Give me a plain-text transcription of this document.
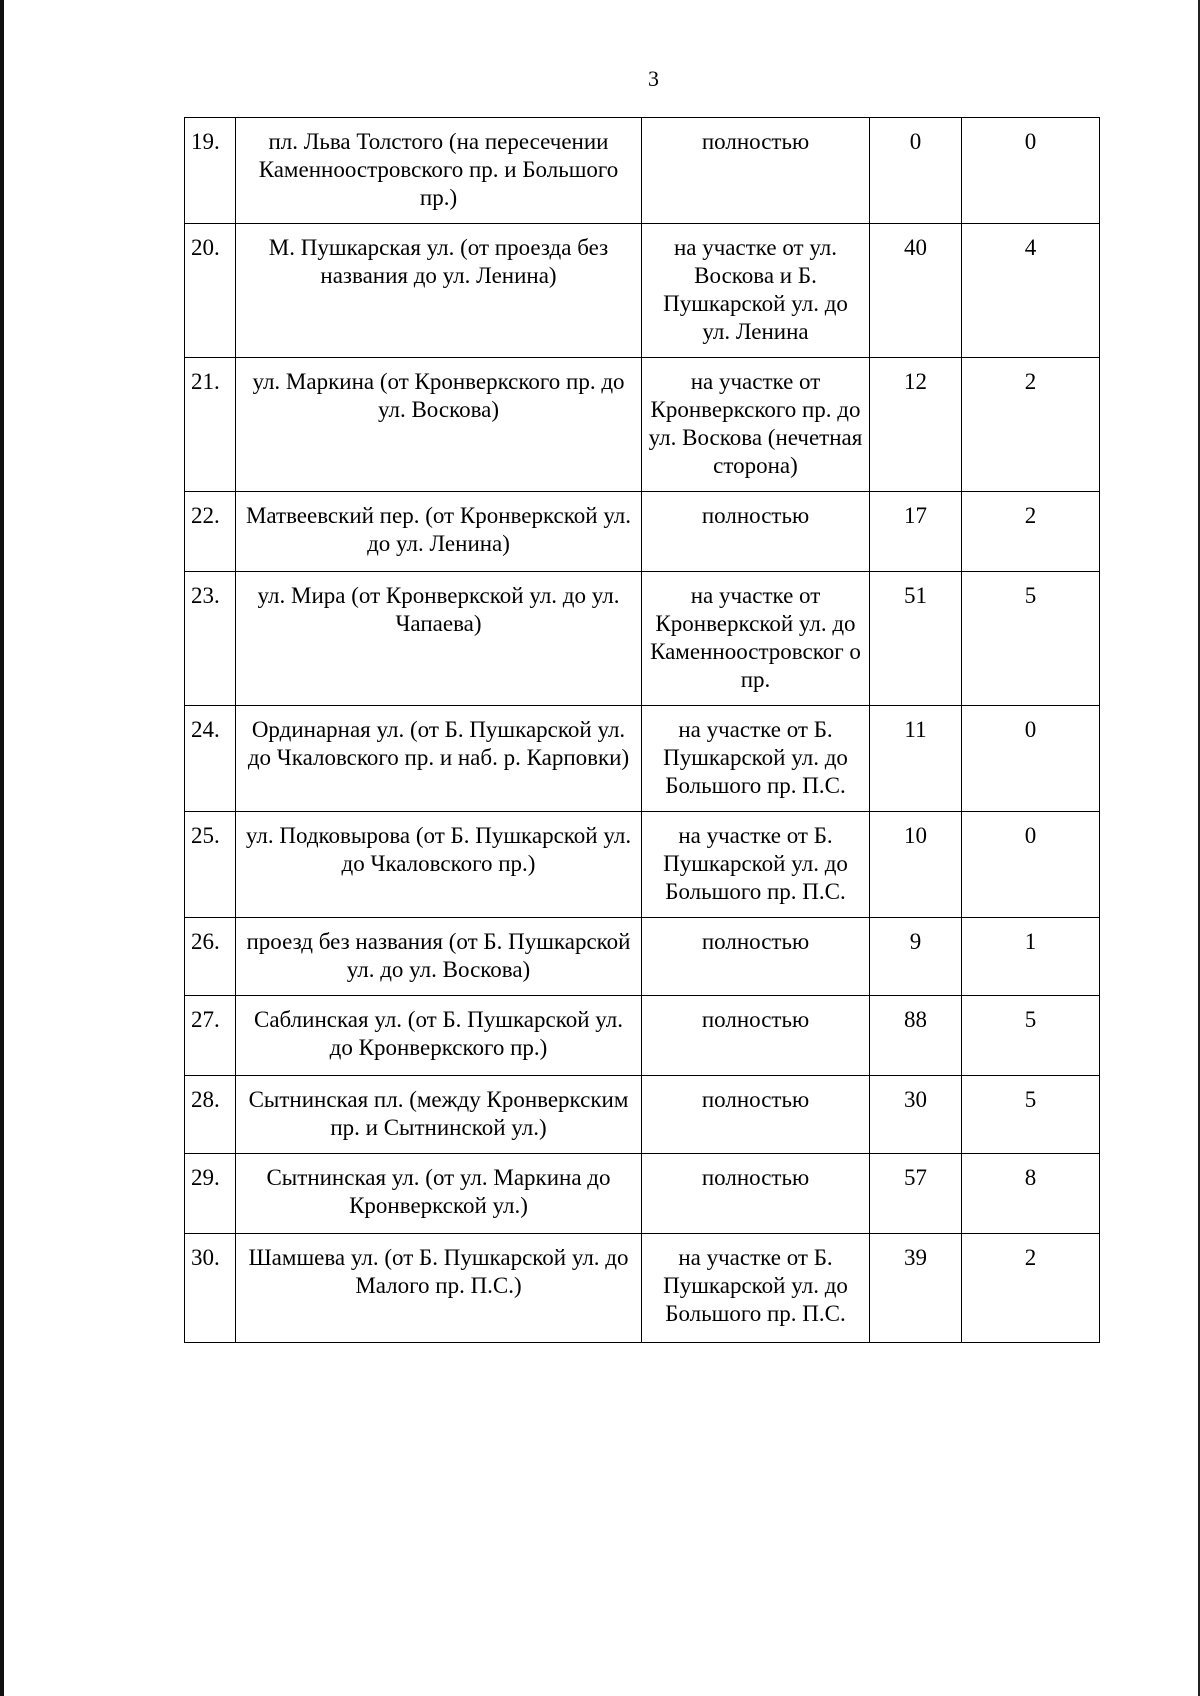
3
19.	пл. Льва Толстого (на пересечении Каменноостровского пр. и Большого пр.)	полностью	0	0
20.	М. Пушкарская ул. (от проезда без названия до ул. Ленина)	на участке от ул. Воскова и Б. Пушкарской ул. до ул. Ленина	40	4
21.	ул. Маркина (от Кронверкского пр. до ул. Воскова)	на участке от Кронверкского пр. до ул. Воскова (нечетная сторона)	12	2
22.	Матвеевский пер. (от Кронверкской ул. до ул. Ленина)	полностью	17	2
23.	ул. Мира (от Кронверкской ул. до ул. Чапаева)	на участке от Кронверкской ул. до Каменноостровског о пр.	51	5
24.	Ординарная ул. (от Б. Пушкарской ул. до Чкаловского пр. и наб. р. Карповки)	на участке от Б. Пушкарской ул. до Большого пр. П.С.	11	0
25.	ул. Подковырова (от Б. Пушкарской ул. до Чкаловского пр.)	на участке от Б. Пушкарской ул. до Большого пр. П.С.	10	0
26.	проезд без названия (от Б. Пушкарской ул. до ул. Воскова)	полностью	9	1
27.	Саблинская ул. (от Б. Пушкарской ул. до Кронверкского пр.)	полностью	88	5
28.	Сытнинская пл. (между Кронверкским пр. и Сытнинской ул.)	полностью	30	5
29.	Сытнинская ул. (от ул. Маркина до Кронверкской ул.)	полностью	57	8
30.	Шамшева ул. (от Б. Пушкарской ул. до Малого пр. П.С.)	на участке от Б. Пушкарской ул. до Большого пр. П.С.	39	2
